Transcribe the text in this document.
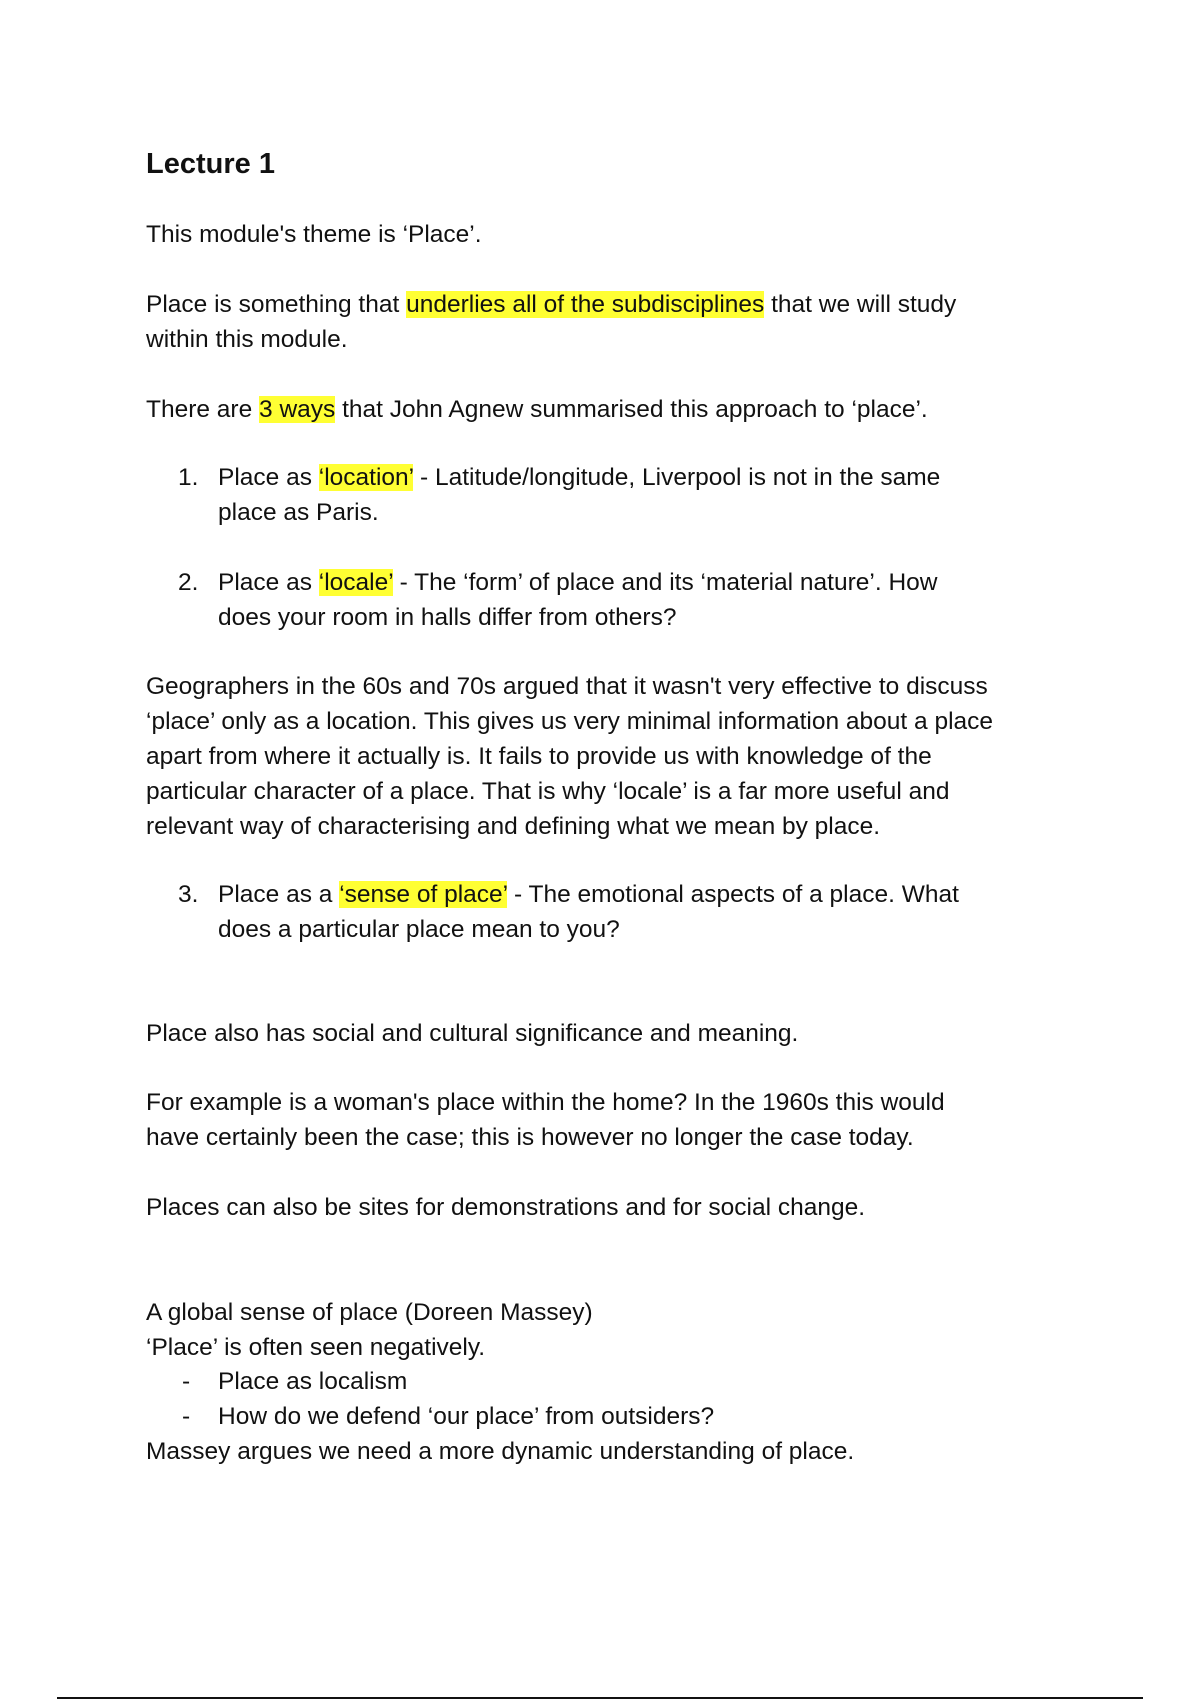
Lecture 1
This module's theme is ‘Place’.
Place is something that underlies all of the subdisciplines that we will study
within this module.
There are 3 ways that John Agnew summarised this approach to ‘place’.
1. Place as ‘location’ - Latitude/longitude, Liverpool is not in the same
place as Paris.
2. Place as ‘locale’ - The ‘form’ of place and its ‘material nature’. How
does your room in halls differ from others?
Geographers in the 60s and 70s argued that it wasn't very effective to discuss
‘place’ only as a location. This gives us very minimal information about a place
apart from where it actually is. It fails to provide us with knowledge of the
particular character of a place. That is why ‘locale’ is a far more useful and
relevant way of characterising and defining what we mean by place.
3. Place as a ‘sense of place’ - The emotional aspects of a place. What
does a particular place mean to you?
Place also has social and cultural significance and meaning.
For example is a woman's place within the home? In the 1960s this would
have certainly been the case; this is however no longer the case today.
Places can also be sites for demonstrations and for social change.
A global sense of place (Doreen Massey)
‘Place’ is often seen negatively.
- Place as localism
- How do we defend ‘our place’ from outsiders?
Massey argues we need a more dynamic understanding of place.
